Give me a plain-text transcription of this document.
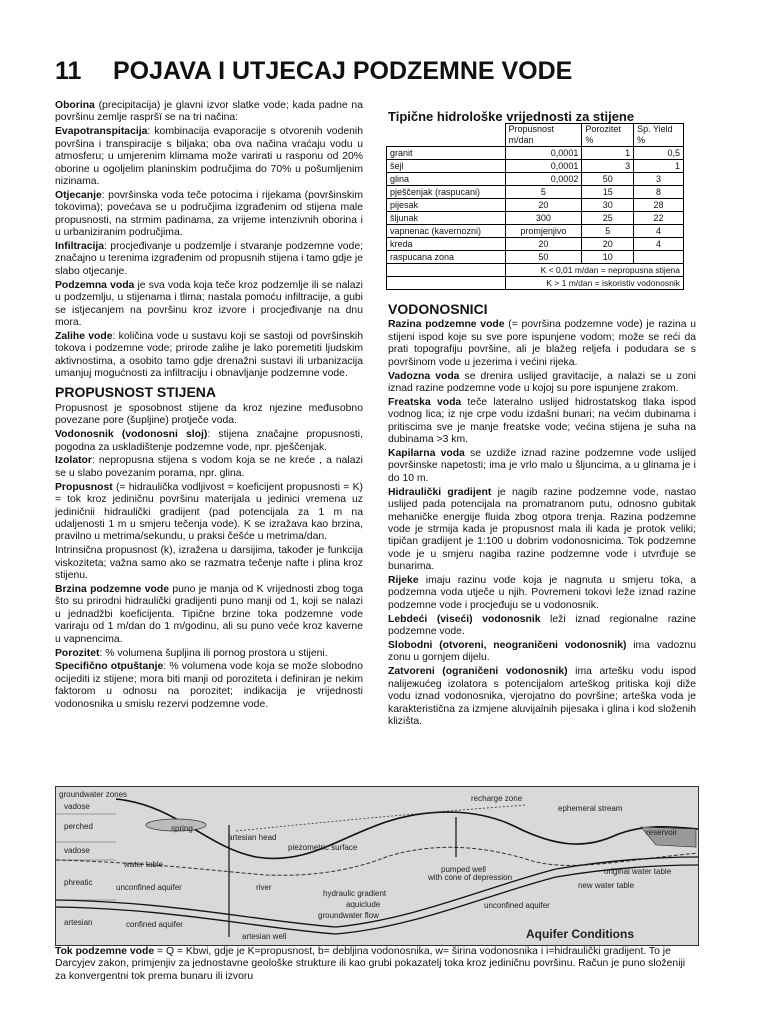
11 POJAVA I UTJECAJ PODZEMNE VODE

Oborina (precipitacija) je glavni izvor slatke vode; kada padne na površinu zemlje raspršï se na tri načina:

Evapotranspitacija: kombinacija evaporacije s otvorenih vodenih površina i transpiracije s biljaka; oba ova načina vraćaju vodu u atmosferu; u umjerenim klimama može varirati u rasponu od 20% oborine u ogoljelim planinskim područjima do 70% u pošumljenim nizinama.

Otjecanje: površinska voda teče potocima i rijekama (površinskim tokovima); povećava se u područjima izgrađenim od stijena male propusnosti, na strmim padinama, za vrijeme intenzivnih oborina i u urbaniziranim područjima.

Infiltracija: procjeđivanje u podzemlje i stvaranje podzemne vode; značajno u terenima izgrađenim od propusnih stijena i tamo gdje je slabo otjecanje.

Podzemna voda je sva voda koja teče kroz podzemlje ili se nalazi u podzemlju, u stijenama i tlima; nastala pomoću infiltracije, a gubi se istjecanjem na površinu kroz izvore i procjeđivanje na dnu mora.

Zalihe vode: količina vode u sustavu koji se sastoji od površinskih tokova i podzemne vode; prirode zalihe je lako poremetiti ljudskim aktivnostima, a osobito tamo gdje drenažni sustavi ili urbanizacija umanjuj mogućnosti za infiltraciju i obnavljanje podzemne vode.

PROPUSNOST STIJENA

Propusnost je sposobnost stijene da kroz njezine međusobno povezane pore (šupljine) protječe voda.

Vodonosnik (vodonosni sloj): stijena značajne propusnosti, pogodna za uskladištenje podzemne vode, npr. pješčenjak.

Izolator: nepropusna stijena s vodom koja se ne kreće , a nalazi se u slabo povezanim porama, npr. glina.

Propusnost (= hidraulička vodljivost = koeficijent propusnosti = K) = tok kroz jediničnu površinu materijala u jedinici vremena uz jediničnii hidraulički gradijent (pad potencijala za 1 m na udaljenosti 1 m u smjeru tečenja vode). K se izražava kao brzina, pravilno u metrima/sekundu, u praksi češće u metrima/dan.

Intrinsična propusnost (k), izražena u darsijima, također je funkcija viskoziteta; važna samo ako se razmatra tečenje nafte i plina kroz stijenu.

Brzina podzemne vode puno je manja od K vrijednosti zbog toga što su prirodni hidraulički gradijenti puno manji od 1, koji se nalazi u jednadžbi koeficijenta. Tipične brzine toka podzemne vode variraju od 1 m/dan do 1 m/godinu, ali su puno veće kroz kaverne u vapnencima.

Porozitet: % volumena šupljina ili pornog prostora u stijeni.

Specifično otpuštanje: % volumena vode koja se može slobodno ocijediti iz stijene; mora biti manji od poroziteta i definiran je nekim faktorom u odnosu na porozitet; indikacija je vrijednosti vodonosnika u smislu rezervi podzemne vode.

Tipične hidrološke vrijednosti za stijene
	Propusnost m/dan	Porozitet %	Sp. Yield %
granit	0,0001	1	0,5
šejl	0,0001	3	1
glina	0,0002	50	3
pješčenjak (raspucani)	5	15	8
pijesak	20	30	28
šljunak	300	25	22
vapnenac (kavernozni)	promjenjivo	5	4
kreda	20	20	4
raspucana zona	50	10	
	K < 0,01 m/dan = nepropusna stijena		
	K > 1 m/dan = iskoristiv vodonosnik		
VODONOSNICI

Razina podzemne vode (= površina podzemne vode) je razina u stijeni ispod koje su sve pore ispunjene vodom; može se reći da prati topografiju površine, ali je blažeg reljefa i podudara se s površinom vode u jezerima i većini rijeka.

Vadozna voda se drenira uslijed gravitacije, a nalazi se u zoni iznad razine podzemne vode u kojoj su pore ispunjene zrakom.

Freatska voda teče lateralno uslijed hidrostatskog tlaka ispod vodnog lica; iz nje crpe vodu izdašni bunari; na većim dubinama i pritiscima sve je manje freatske vode; većina stijena je suha na dubinama >3 km.

Kapilarna voda se uzdiže iznad razine podzemne vode uslijed površinske napetosti; ima je vrlo malo u šljuncima, a u glinama je i do 10 m.

Hidraulički gradijent je nagib razine podzemne vode, nastao uslijed pada potencijala na promatranom putu, odnosno gubitak mehaničke energije fluida zbog otpora trenja. Razina podzemne vode je strmija kada je propusnost mala ili kada je protok veliki; tipičan gradijent je 1:100 u dobrim vodonosnicima. Tok podzemne vode je u smjeru nagiba razine podzemne vode i utvrđuje se bunarima.

Rijeke imaju razinu vode koja je nagnuta u smjeru toka, a podzemna voda utječe u njih. Povremeni tokovi leže iznad razine podzemne vode i procjeđuju se u vodonosnik.

Lebdeći (viseći) vodonosnik leži iznad regionalne razine podzemne vode.

Slobodni (otvoreni, neograničeni vodonosnik) ima vadoznu zonu u gornjem dijelu.

Zatvoreni (ograničeni vodonosnik) ima artešku vodu ispod nalijежućeg izolatora s potencijalom arteškog pritiska koji diže vodu iznad vodonosnika, vjerojatno do površine; arteška voda je karakteristična za izmjene aluvijalnih pijesaka i glina i kod složenih klizišta.

groundwater zones
vadose
perched
vadose
phreatic
artesian
spring
artesian head
piezometric surface
recharge zone
ephemeral stream
reservoir
water table
river
pumped well
with cone of depression
original water table
new water table
unconfined aquifer
hydraulic gradient
aquiclude
groundwater flow
unconfined aquifer
confined aquifer
artesian well	Aquifer Conditions
Tok podzemne vode = Q = Kbwi, gdje je K=propusnost, b= debljina vodonosnika, w= širina vodonosnika i i=hidraulički gradijent. To je Darcyjev zakon, primjenjiv za jednostavne geološke strukture ili kao grubi pokazatelj toka kroz jediničnu površinu. Račun je puno složeniji za konvergentni tok prema bunaru ili izvoru
